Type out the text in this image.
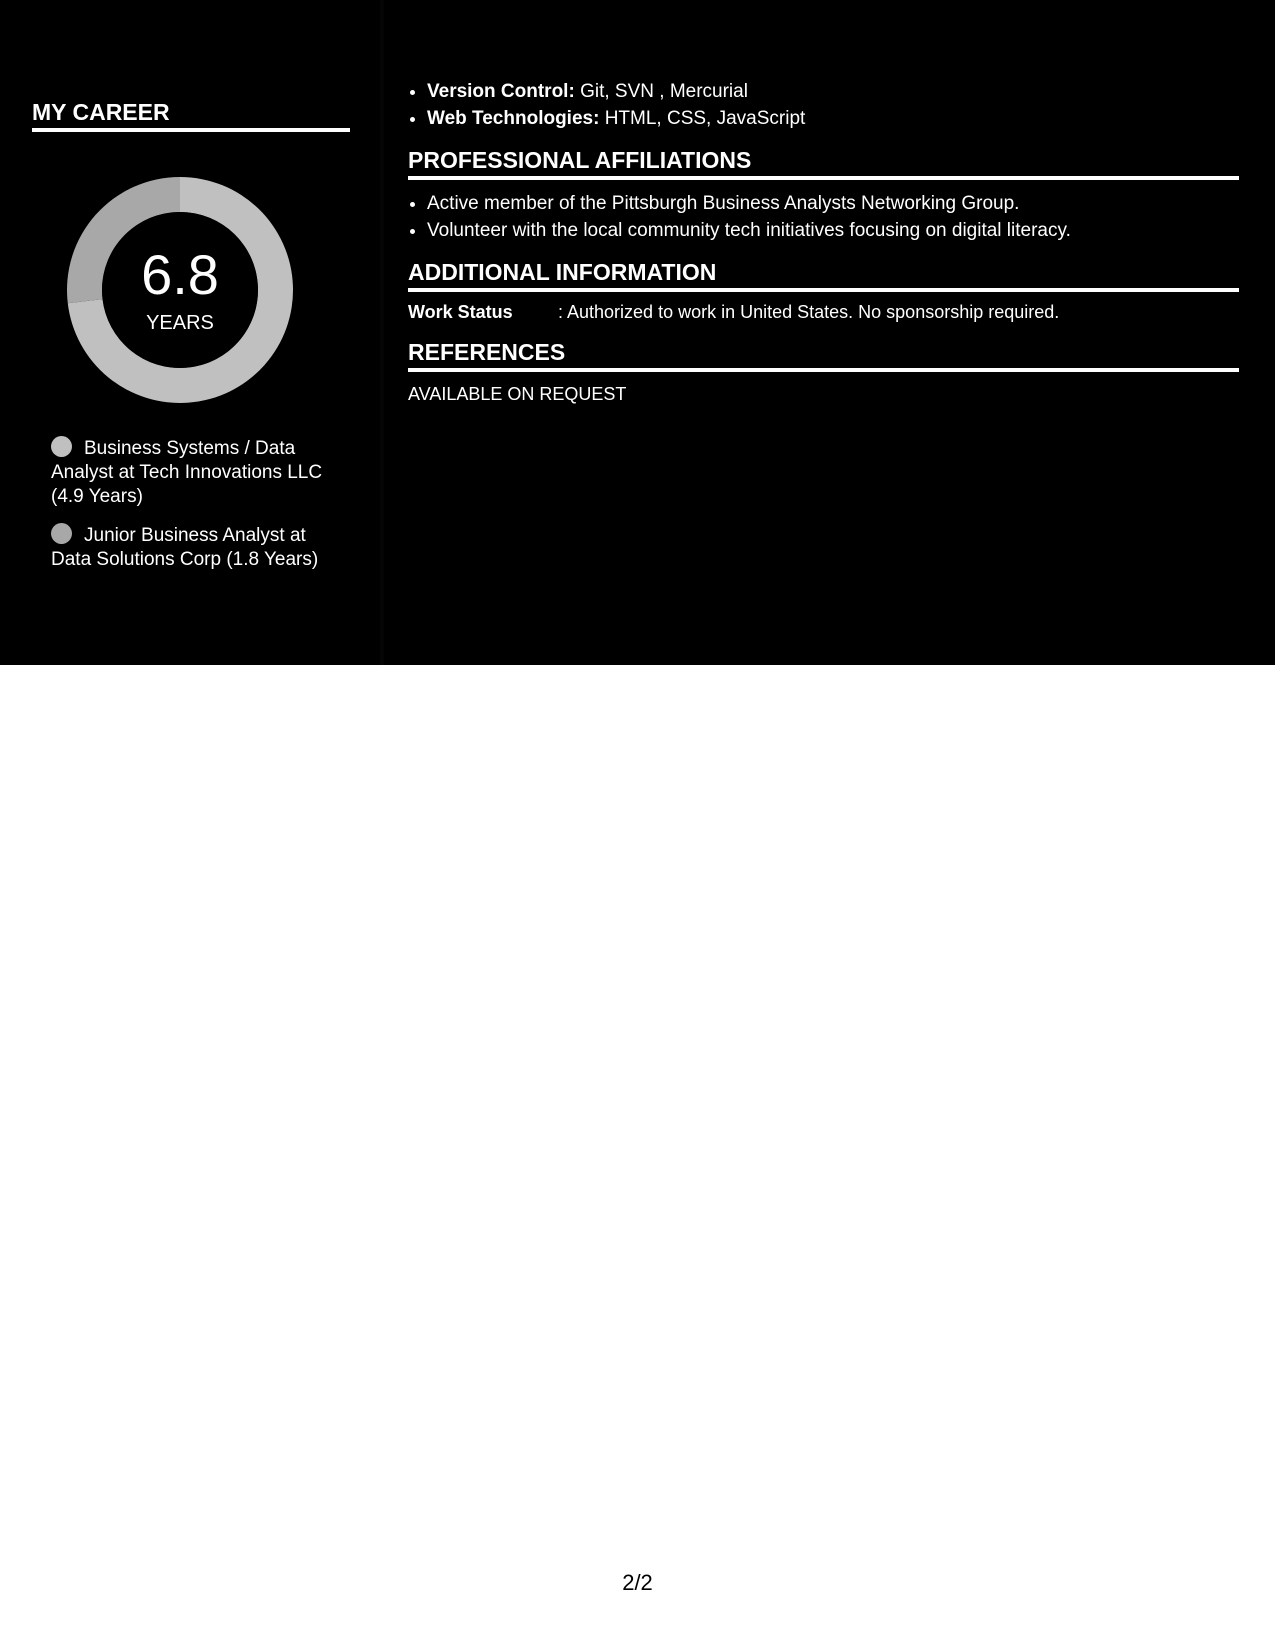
MY CAREER
6.8
YEARS
Business Systems / Data Analyst at Tech Innovations LLC (4.9 Years)
Junior Business Analyst at Data Solutions Corp (1.8 Years)
• Version Control: Git, SVN , Mercurial
• Web Technologies: HTML, CSS, JavaScript
PROFESSIONAL AFFILIATIONS
• Active member of the Pittsburgh Business Analysts Networking Group.
• Volunteer with the local community tech initiatives focusing on digital literacy.
ADDITIONAL INFORMATION
Work Status	: Authorized to work in United States. No sponsorship required.
REFERENCES
AVAILABLE ON REQUEST
2/2
